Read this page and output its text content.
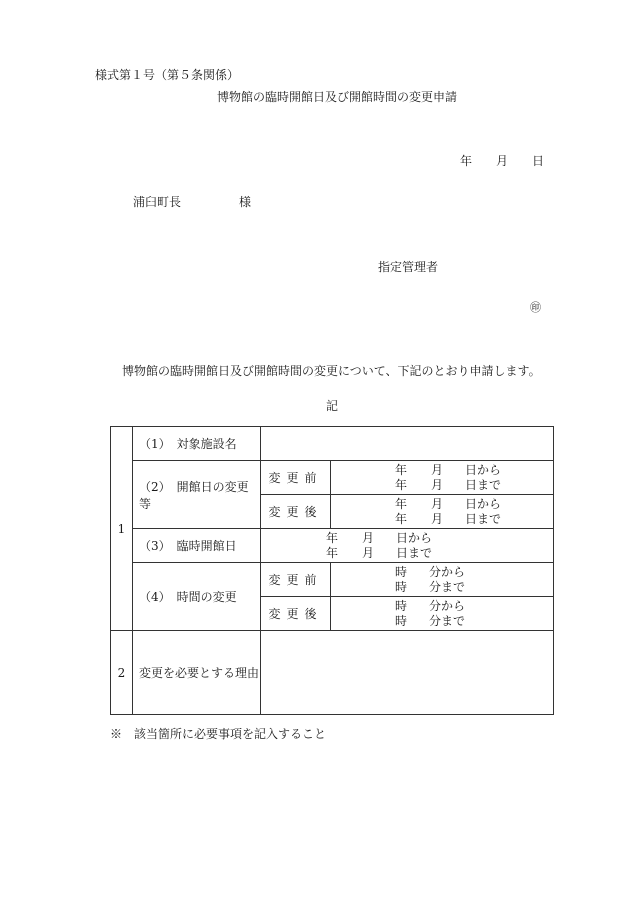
様式第１号（第５条関係）
博物館の臨時開館日及び開館時間の変更申請
年 月 日
浦臼町長	様
指定管理者
㊞
博物館の臨時開館日及び開館時間の変更について、下記のとおり申請します。
記
1	（1）　対象施設名		
	（2）　開館日の変更等	変更前	年 月 日から
年 月 日まで

		変更後	年 月 日から
年 月 日まで

	（3）　臨時開館日	年 月 日から
年 月 日まで	

	（4）　時間の変更	変更前	時 分から
時 分まで

		変更後	時 分から
時 分まで

2	変更を必要とする理由		
※　該当箇所に必要事項を記入すること
